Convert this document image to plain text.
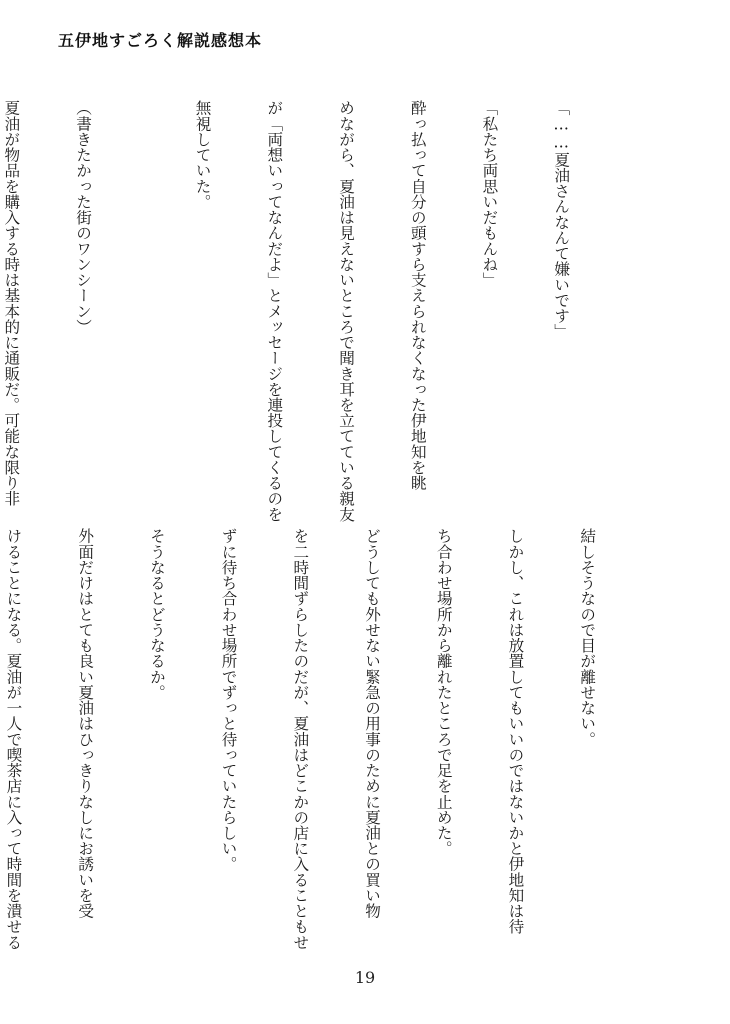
五伊地すごろく解説感想本

「……夏油さんなんて嫌いです」

「私たち両思いだもんね」

酔っ払って自分の頭すら支えられなくなった伊地知を眺

めながら、夏油は見えないところで聞き耳を立てている親友

が「両想いってなんだよ」とメッセージを連投してくるのを

無視していた。

（書きたかった街のワンシーン）

夏油が物品を購入する時は基本的に通販だ。可能な限り非

結しそうなので目が離せない。

しかし、これは放置してもいいのではないかと伊地知は待

ち合わせ場所から離れたところで足を止めた。

どうしても外せない緊急の用事のために夏油との買い物

を二時間ずらしたのだが、夏油はどこかの店に入ることもせ

ずに待ち合わせ場所でずっと待っていたらしい。

そうなるとどうなるか。

外面だけはとても良い夏油はひっきりなしにお誘いを受

けることになる。夏油が一人で喫茶店に入って時間を潰せる

19
